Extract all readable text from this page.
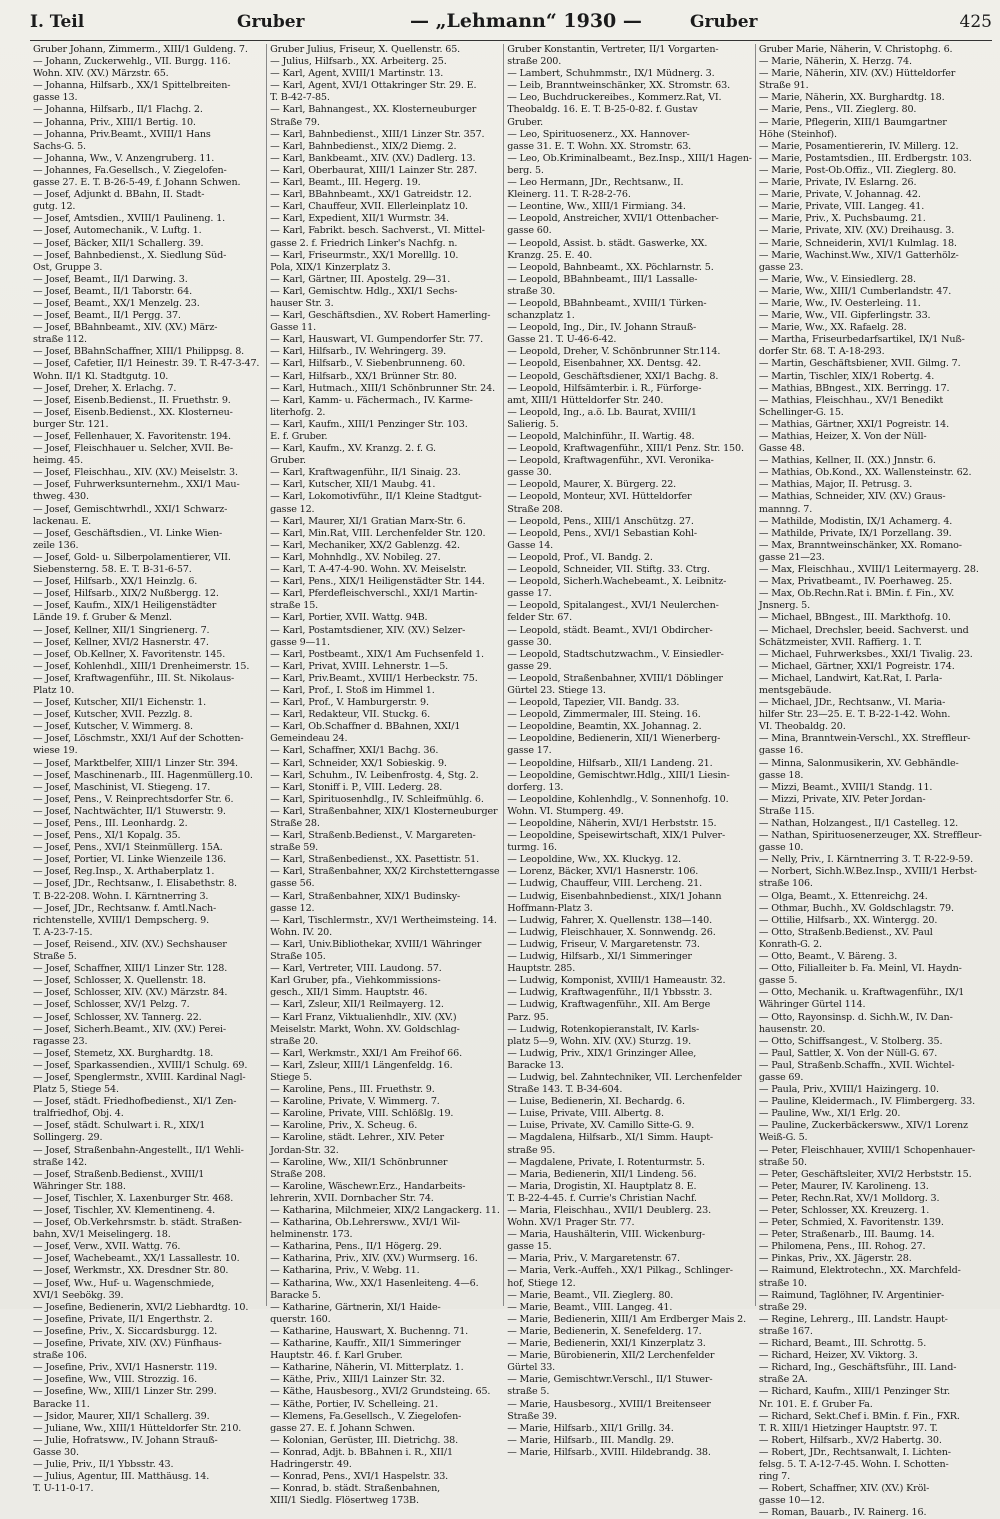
I. Teil	Gruber	— „Lehmann“ 1930 —	Gruber	425

Gruber Johann, Zimmerm., XIII/1 Guldeng. 7.

— Johann, Zuckerwehlg., VII. Burgg. 116.

Wohn. XIV. (XV.) Märzstr. 65.

— Johanna, Hilfsarb., XX/1 Spittelbreiten-

gasse 13.

— Johanna, Hilfsarb., II/1 Flachg. 2.

— Johanna, Priv., XIII/1 Bertig. 10.

— Johanna, Priv.Beamt., XVIII/1 Hans

Sachs-G. 5.

— Johanna, Ww., V. Anzengruberg. 11.

— Johannes, Fa.Gesellsch., V. Ziegelofen-

gasse 27. E. T. B-26-5-49, f. Johann Schwen.

— Josef, Adjunkt d. BBahn, II. Stadt-

gutg. 12.

— Josef, Amtsdien., XVIII/1 Paulineng. 1.

— Josef, Automechanik., V. Luftg. 1.

— Josef, Bäcker, XII/1 Schallerg. 39.

— Josef, Bahnbedienst., X. Siedlung Süd-

Ost, Gruppe 3.

— Josef, Beamt., II/1 Darwing. 3.

— Josef, Beamt., II/1 Taborstr. 64.

— Josef, Beamt., XX/1 Menzelg. 23.

— Josef, Beamt., II/1 Pergg. 37.

— Josef, BBahnbeamt., XIV. (XV.) März-

straße 112.

— Josef, BBahnSchaffner, XIII/1 Philippsg. 8.

— Josef, Cafetier, II/1 Heinestr. 39. T. R-47-3-47.

Wohn. II/1 Kl. Stadtgutg. 10.

— Josef, Dreher, X. Erlachg. 7.

— Josef, Eisenb.Bedienst., II. Fruethstr. 9.

— Josef, Eisenb.Bedienst., XX. Klosterneu-

burger Str. 121.

— Josef, Fellenhauer, X. Favoritenstr. 194.

— Josef, Fleischhauer u. Selcher, XVII. Be-

heimg. 45.

— Josef, Fleischhau., XIV. (XV.) Meiselstr. 3.

— Josef, Fuhrwerksunternehm., XXI/1 Mau-

thweg. 430.

— Josef, Gemischtwrhdl., XXI/1 Schwarz-

lackenau. E.

— Josef, Geschäftsdien., VI. Linke Wien-

zeile 136.

— Josef, Gold- u. Silberpolamentierer, VII.

Siebensterng. 58. E. T. B-31-6-57.

— Josef, Hilfsarb., XX/1 Heinzlg. 6.

— Josef, Hilfsarb., XIX/2 Nußbergg. 12.

— Josef, Kaufm., XIX/1 Heiligenstädter

Lände 19. f. Gruber & Menzl.

— Josef, Kellner, XII/1 Singrienerg. 7.

— Josef, Kellner, XVI/2 Hasnerstr. 47.

— Josef, Ob.Kellner, X. Favoritenstr. 145.

— Josef, Kohlenhdl., XIII/1 Drenheimerstr. 15.

— Josef, Kraftwagenführ., III. St. Nikolaus-

Platz 10.

— Josef, Kutscher, XII/1 Eichenstr. 1.

— Josef, Kutscher, XVII. Pezzlg. 8.

— Josef, Kutscher, V. Wimmerg. 8.

— Josef, Löschmstr., XXI/1 Auf der Schotten-

wiese 19.

— Josef, Marktbelfer, XIII/1 Linzer Str. 394.

— Josef, Maschinenarb., III. Hagenmüllerg.10.

— Josef, Maschinist, VI. Stiegeng. 17.

— Josef, Pens., V. Reinprechtsdorfer Str. 6.

— Josef, Nachtwächter, II/1 Stuwerstr. 9.

— Josef, Pens., III. Leonhardg. 2.

— Josef, Pens., XI/1 Kopalg. 35.

— Josef, Pens., XVI/1 Steinmüllerg. 15A.

— Josef, Portier, VI. Linke Wienzeile 136.

— Josef, Reg.Insp., X. Arthaberplatz 1.

— Josef, JDr., Rechtsanw., I. Elisabethstr. 8.

T. B-22-208. Wohn. I. Kärntnerring 3.

— Josef, JDr., Rechtsanw. f. Amtl.Nach-

richtenstelle, XVIII/1 Dempscherg. 9.

T. A-23-7-15.

— Josef, Reisend., XIV. (XV.) Sechshauser

Straße 5.

— Josef, Schaffner, XIII/1 Linzer Str. 128.

— Josef, Schlosser, X. Quellenstr. 18.

— Josef, Schlosser, XIV. (XV.) Märzstr. 84.

— Josef, Schlosser, XV/1 Pelzg. 7.

— Josef, Schlosser, XV. Tannerg. 22.

— Josef, Sicherh.Beamt., XIV. (XV.) Perei-

ragasse 23.

— Josef, Stemetz, XX. Burghardtg. 18.

— Josef, Sparkassendien., XVIII/1 Schulg. 69.

— Josef, Spenglermstr., XVIII. Kardinal Nagl-

Platz 5, Stiege 54.

— Josef, städt. Friedhofbedienst., XI/1 Zen-

tralfriedhof, Obj. 4.

— Josef, städt. Schulwart i. R., XIX/1

Sollingerg. 29.

— Josef, Straßenbahn-Angestellt., II/1 Wehli-

straße 142.

— Josef, Straßenb.Bedienst., XVIII/1

Währinger Str. 188.

— Josef, Tischler, X. Laxenburger Str. 468.

— Josef, Tischler, XV. Klementineng. 4.

— Josef, Ob.Verkehrsmstr. b. städt. Straßen-

bahn, XV/1 Meiselingerg. 18.

— Josef, Verw., XVII. Wattg. 76.

— Josef, Wachebeamt., XX/1 Lassallestr. 10.

— Josef, Werkmstr., XX. Dresdner Str. 80.

— Josef, Ww., Huf- u. Wagenschmiede,

XVI/1 Seebökg. 39.

— Josefine, Bedienerin, XVI/2 Liebhardtg. 10.

— Josefine, Private, II/1 Engerthstr. 2.

— Josefine, Priv., X. Siccardsburgg. 12.

— Josefine, Private, XIV. (XV.) Fünfhaus-

straße 106.

— Josefine, Priv., XVI/1 Hasnerstr. 119.

— Josefine, Ww., VIII. Strozzig. 16.

— Josefine, Ww., XIII/1 Linzer Str. 299.

Baracke 11.

— Jsidor, Maurer, XII/1 Schallerg. 39.

— Juliane, Ww., XIII/1 Hütteldorfer Str. 210.

— Julie, Hofratsww., IV. Johann Strauß-

Gasse 30.

— Julie, Priv., II/1 Ybbsstr. 43.

— Julius, Agentur, III. Matthäusg. 14.

T. U-11-0-17.

Gruber Julius, Friseur, X. Quellenstr. 65.

— Julius, Hilfsarb., XX. Arbeiterg. 25.

— Karl, Agent, XVIII/1 Martinstr. 13.

— Karl, Agent, XVI/1 Ottakringer Str. 29. E.

T. B-42-7-85.

— Karl, Bahnangest., XX. Klosterneuburger

Straße 79.

— Karl, Bahnbedienst., XIII/1 Linzer Str. 357.

— Karl, Bahnbedienst., XIX/2 Diemg. 2.

— Karl, Bankbeamt., XIV. (XV.) Dadlerg. 13.

— Karl, Oberbaurat, XIII/1 Lainzer Str. 287.

— Karl, Beamt., III. Hegerg. 19.

— Karl, BBahnbeamt., XX/1 Gatreidstr. 12.

— Karl, Chauffeur, XVII. Ellerleinplatz 10.

— Karl, Expedient, XII/1 Wurmstr. 34.

— Karl, Fabrikt. besch. Sachverst., VI. Mittel-

gasse 2. f. Friedrich Linker's Nachfg. n.

— Karl, Friseurmstr., XX/1 Morelllg. 10.

Pola, XIX/1 Kinzerplatz 3.

— Karl, Gärtner, III. Apostelg. 29—31.

— Karl, Gemischtw. Hdlg., XXI/1 Sechs-

hauser Str. 3.

— Karl, Geschäftsdien., XV. Robert Hamerling-

Gasse 11.

— Karl, Hauswart, VI. Gumpendorfer Str. 77.

— Karl, Hilfsarb., IV. Wehringerg. 39.

— Karl, Hilfsarb., V. Siebenbrunneng. 60.

— Karl, Hilfsarb., XX/1 Brünner Str. 80.

— Karl, Hutmach., XIII/1 Schönbrunner Str. 24.

— Karl, Kamm- u. Fächermach., IV. Karme-

literhofg. 2.

— Karl, Kaufm., XIII/1 Penzinger Str. 103.

E. f. Gruber.

— Karl, Kaufm., XV. Kranzg. 2. f. G.

Gruber.

— Karl, Kraftwagenführ., II/1 Sinaig. 23.

— Karl, Kutscher, XII/1 Maubg. 41.

— Karl, Lokomotivführ., II/1 Kleine Stadtgut-

gasse 12.

— Karl, Maurer, XI/1 Gratian Marx-Str. 6.

— Karl, Min.Rat, VIII. Lerchenfelder Str. 120.

— Karl, Mechaniker, XX/2 Gablenzg. 42.

— Karl, Mohnhdlg., XV. Nobileg. 27.

— Karl, T. A-47-4-90. Wohn. XV. Meiselstr.

— Karl, Pens., XIX/1 Heiligenstädter Str. 144.

— Karl, Pferdefleischverschl., XXI/1 Martin-

straße 15.

— Karl, Portier, XVII. Wattg. 94B.

— Karl, Postamtsdiener, XIV. (XV.) Selzer-

gasse 9—11.

— Karl, Postbeamt., XIX/1 Am Fuchsenfeld 1.

— Karl, Privat, XVIII. Lehnerstr. 1—5.

— Karl, Priv.Beamt., XVIII/1 Herbeckstr. 75.

— Karl, Prof., I. Stoß im Himmel 1.

— Karl, Prof., V. Hamburgerstr. 9.

— Karl, Redakteur, VII. Stuckg. 6.

— Karl, Ob.Schaffner d. BBahnen, XXI/1

Gemeindeau 24.

— Karl, Schaffner, XXI/1 Bachg. 36.

— Karl, Schneider, XX/1 Sobieskig. 9.

— Karl, Schuhm., IV. Leibenfrostg. 4, Stg. 2.

— Karl, Stoniff i. P., VIII. Lederg. 28.

— Karl, Spirituosenhdlg., IV. Schleifmühlg. 6.

— Karl, Straßenbahner, XIX/1 Klosterneuburger

Straße 28.

— Karl, Straßenb.Bedienst., V. Margareten-

straße 59.

— Karl, Straßenbedienst., XX. Pasettistr. 51.

— Karl, Straßenbahner, XX/2 Kirchstetterngasse

gasse 56.

— Karl, Straßenbahner, XIX/1 Budinsky-

gasse 12.

— Karl, Tischlermstr., XV/1 Wertheimsteing. 14.

Wohn. IV. 20.

— Karl, Univ.Bibliothekar, XVIII/1 Währinger

Straße 105.

— Karl, Vertreter, VIII. Laudong. 57.

Karl Gruber, pfa., Viehkommissions-

gesch., XII/1 Simm. Hauptstr. 46.

— Karl, Zsleur, XII/1 Reilmayerg. 12.

— Karl Franz, Viktualienhdlr., XIV. (XV.)

Meiselstr. Markt, Wohn. XV. Goldschlag-

straße 20.

— Karl, Werkmstr., XXI/1 Am Freihof 66.

— Karl, Zsleur, XIII/1 Längenfeldg. 16.

Stiege 5.

— Karoline, Pens., III. Fruethstr. 9.

— Karoline, Private, V. Wimmerg. 7.

— Karoline, Private, VIII. Schlößlg. 19.

— Karoline, Priv., X. Scheug. 6.

— Karoline, städt. Lehrer., XIV. Peter

Jordan-Str. 32.

— Karoline, Ww., XII/1 Schönbrunner

Straße 208.

— Karoline, Wäschewr.Erz., Handarbeits-

lehrerin, XVII. Dornbacher Str. 74.

— Katharina, Milchmeier, XIX/2 Langackerg. 11.

— Katharina, Ob.Lehrersww., XVI/1 Wil-

helminenstr. 173.

— Katharina, Pens., II/1 Högerg. 29.

— Katharina, Priv., XIV. (XV.) Wurmserg. 16.

— Katharina, Priv., V. Webg. 11.

— Katharina, Ww., XX/1 Hasenleiteng. 4—6.

Baracke 5.

— Katharine, Gärtnerin, XI/1 Haide-

querstr. 160.

— Katharine, Hauswart, X. Buchenng. 71.

— Katharine, Kauffr., XII/1 Simmeringer

Hauptstr. 46. f. Karl Gruber.

— Katharine, Näherin, VI. Mitterplatz. 1.

— Käthe, Priv., XIII/1 Lainzer Str. 32.

— Käthe, Hausbesorg., XVI/2 Grundsteing. 65.

— Käthe, Portier, IV. Schelleing. 21.

— Klemens, Fa.Gesellsch., V. Ziegelofen-

gasse 27. E. f. Johann Schwen.

— Kolonian, Gerüster, III. Dietrichg. 38.

— Konrad, Adjt. b. BBahnen i. R., XII/1

Hadringerstr. 49.

— Konrad, Pens., XVI/1 Haspelstr. 33.

— Konrad, b. städt. Straßenbahnen,

XIII/1 Siedlg. Flösertweg 173B.

Gruber Konstantin, Vertreter, II/1 Vorgarten-

straße 200.

— Lambert, Schuhmmstr., IX/1 Müdnerg. 3.

— Leib, Branntweinschänker, XX. Stromstr. 63.

— Leo, Buchdruckereibes., Kommerz.Rat, VI.

Theobaldg. 16. E. T. B-25-0-82. f. Gustav

Gruber.

— Leo, Spirituosenerz., XX. Hannover-

gasse 31. E. T. Wohn. XX. Stromstr. 63.

— Leo, Ob.Kriminalbeamt., Bez.Insp., XIII/1 Hagen-

berg. 5.

— Leo Hermann, JDr., Rechtsanw., II.

Kleinerg. 11. T. R-28-2-76.

— Leontine, Ww., XIII/1 Firmiang. 34.

— Leopold, Anstreicher, XVII/1 Ottenbacher-

gasse 60.

— Leopold, Assist. b. städt. Gaswerke, XX.

Kranzg. 25. E. 40.

— Leopold, Bahnbeamt., XX. Pöchlarnstr. 5.

— Leopold, BBahnbeamt., III/1 Lassalle-

straße 30.

— Leopold, BBahnbeamt., XVIII/1 Türken-

schanzplatz 1.

— Leopold, Ing., Dir., IV. Johann Strauß-

Gasse 21. T. U-46-6-42.

— Leopold, Dreher, V. Schönbrunner Str.114.

— Leopold, Eisenbahner, XX. Dentsg. 42.

— Leopold, Geschäftsdiener, XXI/1 Bachg. 8.

— Leopold, Hilfsämterbir. i. R., Fürforge-

amt, XIII/1 Hütteldorfer Str. 240.

— Leopold, Ing., a.ö. Lb. Baurat, XVIII/1

Salierig. 5.

— Leopold, Malchinführ., II. Wartig. 48.

— Leopold, Kraftwagenführ., XIII/1 Penz. Str. 150.

— Leopold, Kraftwagenführ., XVI. Veronika-

gasse 30.

— Leopold, Maurer, X. Bürgerg. 22.

— Leopold, Monteur, XVI. Hütteldorfer

Straße 208.

— Leopold, Pens., XIII/1 Anschützg. 27.

— Leopold, Pens., XVI/1 Sebastian Kohl-

Gasse 14.

— Leopold, Prof., VI. Bandg. 2.

— Leopold, Schneider, VII. Stiftg. 33. Ctrg.

— Leopold, Sicherh.Wachebeamt., X. Leibnitz-

gasse 17.

— Leopold, Spitalangest., XVI/1 Neulerchen-

felder Str. 67.

— Leopold, städt. Beamt., XVI/1 Obdircher-

gasse 30.

— Leopold, Stadtschutzwachm., V. Einsiedler-

gasse 29.

— Leopold, Straßenbahner, XVIII/1 Döblinger

Gürtel 23. Stiege 13.

— Leopold, Tapezier, VII. Bandg. 33.

— Leopold, Zimmermaler, III. Steing. 16.

— Leopoldine, Beamtin, XX. Johannag. 2.

— Leopoldine, Bedienerin, XII/1 Wienerberg-

gasse 17.

— Leopoldine, Hilfsarb., XII/1 Landeng. 21.

— Leopoldine, Gemischtwr.Hdlg., XIII/1 Liesin-

dorferg. 13.

— Leopoldine, Kohlenhdlg., V. Sonnenhofg. 10.

Wohn. VI. Stumperg. 49.

— Leopoldine, Näherin, XVI/1 Herbststr. 15.

— Leopoldine, Speisewirtschaft, XIX/1 Pulver-

turmg. 16.

— Leopoldine, Ww., XX. Kluckyg. 12.

— Lorenz, Bäcker, XVI/1 Hasnerstr. 106.

— Ludwig, Chauffeur, VIII. Lercheng. 21.

— Ludwig, Eisenbahnbedienst., XIX/1 Johann

Hoffmann-Platz 3.

— Ludwig, Fahrer, X. Quellenstr. 138—140.

— Ludwig, Fleischhauer, X. Sonnwendg. 26.

— Ludwig, Friseur, V. Margaretenstr. 73.

— Ludwig, Hilfsarb., XI/1 Simmeringer

Hauptstr. 285.

— Ludwig, Komponist, XVIII/1 Hameaustr. 32.

— Ludwig, Kraftwagenführ., II/1 Ybbsstr. 3.

— Ludwig, Kraftwagenführ., XII. Am Berge

Parz. 95.

— Ludwig, Rotenkopieranstalt, IV. Karls-

platz 5—9, Wohn. XIV. (XV.) Sturzg. 19.

— Ludwig, Priv., XIX/1 Grinzinger Allee,

Baracke 13.

— Ludwig, bel. Zahntechniker, VII. Lerchenfelder

Straße 143. T. B-34-604.

— Luise, Bedienerin, XI. Bechardg. 6.

— Luise, Private, VIII. Albertg. 8.

— Luise, Private, XV. Camillo Sitte-G. 9.

— Magdalena, Hilfsarb., XI/1 Simm. Haupt-

straße 95.

— Magdalene, Private, I. Rotenturmstr. 5.

— Maria, Bedienerin, XII/1 Lindeng. 56.

— Maria, Drogistin, XI. Hauptplatz 8. E.

T. B-22-4-45. f. Currie's Christian Nachf.

— Maria, Fleischhau., XVII/1 Deublerg. 23.

Wohn. XV/1 Prager Str. 77.

— Maria, Haushälterin, VIII. Wickenburg-

gasse 15.

— Maria, Priv., V. Margaretenstr. 67.

— Maria, Verk.-Auffeh., XX/1 Pilkag., Schlinger-

hof, Stiege 12.

— Marie, Beamt., VII. Zieglerg. 80.

— Marie, Beamt., VIII. Langeg. 41.

— Marie, Bedienerin, XIII/1 Am Erdberger Mais 2.

— Marie, Bedienerin, X. Senefelderg. 17.

— Marie, Bedienerin, XXI/1 Kinzerplatz 3.

— Marie, Bürobienerin, XII/2 Lerchenfelder

Gürtel 33.

— Marie, Gemischtwr.Verschl., II/1 Stuwer-

straße 5.

— Marie, Hausbesorg., XVIII/1 Breitenseer

Straße 39.

— Marie, Hilfsarb., XII/1 Grillg. 34.

— Marie, Hilfsarb., III. Mandlg. 29.

— Marie, Hilfsarb., XVIII. Hildebrandg. 38.

Gruber Marie, Näherin, V. Christophg. 6.

— Marie, Näherin, X. Herzg. 74.

— Marie, Näherin, XIV. (XV.) Hütteldorfer

Straße 91.

— Marie, Näherin, XX. Burghardtg. 18.

— Marie, Pens., VII. Zieglerg. 80.

— Marie, Pflegerin, XIII/1 Baumgartner

Höhe (Steinhof).

— Marie, Posamentiererin, IV. Millerg. 12.

— Marie, Postamtsdien., III. Erdbergstr. 103.

— Marie, Post-Ob.Offiz., VII. Zieglerg. 80.

— Marie, Private, IV. Eslarng. 26.

— Marie, Private, V. Johannag. 42.

— Marie, Private, VIII. Langeg. 41.

— Marie, Priv., X. Puchsbaumg. 21.

— Marie, Private, XIV. (XV.) Dreihausg. 3.

— Marie, Schneiderin, XVI/1 Kulmlag. 18.

— Marie, Wachinst.Ww., XIV/1 Gatterhölz-

gasse 23.

— Marie, Ww., V. Einsiedlerg. 28.

— Marie, Ww., XIII/1 Cumberlandstr. 47.

— Marie, Ww., IV. Oesterleing. 11.

— Marie, Ww., VII. Gipferlingstr. 33.

— Marie, Ww., XX. Rafaelg. 28.

— Martha, Friseurbedarfsartikel, IX/1 Nuß-

dorfer Str. 68. T. A-18-293.

— Martin, Geschäftsbiener, XVII. Gilmg. 7.

— Martin, Tischler, XIX/1 Robertg. 4.

— Mathias, BBngest., XIX. Berringg. 17.

— Mathias, Fleischhau., XV/1 Benedikt

Schellinger-G. 15.

— Mathias, Gärtner, XXI/1 Pogreistr. 14.

— Mathias, Heizer, X. Von der Nüll-

Gasse 48.

— Mathias, Kellner, II. (XX.) Jnnstr. 6.

— Mathias, Ob.Kond., XX. Wallensteinstr. 62.

— Mathias, Major, II. Petrusg. 3.

— Mathias, Schneider, XIV. (XV.) Graus-

mannng. 7.

— Mathilde, Modistin, IX/1 Achamerg. 4.

— Mathilde, Private, IX/1 Porzellang. 39.

— Max, Branntweinschänker, XX. Romano-

gasse 21—23.

— Max, Fleischhau., XVIII/1 Leitermayerg. 28.

— Max, Privatbeamt., IV. Poerhaweg. 25.

— Max, Ob.Rechn.Rat i. BMin. f. Fin., XV.

Jnsnerg. 5.

— Michael, BBngest., III. Markthofg. 10.

— Michael, Drechsler, beeid. Sachverst. und

Schätzmeister, XVII. Raffierg. 1. T.

— Michael, Fuhrwerksbes., XXI/1 Tivalig. 23.

— Michael, Gärtner, XXI/1 Pogreistr. 174.

— Michael, Landwirt, Kat.Rat, I. Parla-

mentsgebäude.

— Michael, JDr., Rechtsanw., VI. Maria-

hilfer Str. 23—25. E. T. B-22-1-42. Wohn.

VI. Theobaldg. 20.

— Mina, Branntwein-Verschl., XX. Streffleur-

gasse 16.

— Minna, Salonmusikerin, XV. Gebhändle-

gasse 18.

— Mizzi, Beamt., XVIII/1 Standg. 11.

— Mizzi, Private, XIV. Peter Jordan-

Straße 115.

— Nathan, Holzangest., II/1 Castelleg. 12.

— Nathan, Spirituosenerzeuger, XX. Streffleur-

gasse 10.

— Nelly, Priv., I. Kärntnerring 3. T. R-22-9-59.

— Norbert, Sichh.W.Bez.Insp., XVIII/1 Herbst-

straße 106.

— Olga, Beamt., X. Ettenreichg. 24.

— Othmar, Buchh., XV. Goldschlagstr. 79.

— Ottilie, Hilfsarb., XX. Wintergg. 20.

— Otto, Straßenb.Bedienst., XV. Paul

Konrath-G. 2.

— Otto, Beamt., V. Bäreng. 3.

— Otto, Filialleiter b. Fa. Meinl, VI. Haydn-

gasse 5.

— Otto, Mechanik. u. Kraftwagenführ., IX/1

Währinger Gürtel 114.

— Otto, Rayonsinsp. d. Sichh.W., IV. Dan-

hausenstr. 20.

— Otto, Schiffsangest., V. Stolberg. 35.

— Paul, Sattler, X. Von der Nüll-G. 67.

— Paul, Straßenb.Schaffn., XVII. Wichtel-

gasse 69.

— Paula, Priv., XVIII/1 Haizingerg. 10.

— Pauline, Kleidermach., IV. Flimbergerg. 33.

— Pauline, Ww., XI/1 Erlg. 20.

— Pauline, Zuckerbäckersww., XIV/1 Lorenz

Weiß-G. 5.

— Peter, Fleischhauer, XVIII/1 Schopenhauer-

straße 50.

— Peter, Geschäftsleiter, XVI/2 Herbststr. 15.

— Peter, Maurer, IV. Karolineng. 13.

— Peter, Rechn.Rat, XV/1 Molldorg. 3.

— Peter, Schlosser, XX. Kreuzerg. 1.

— Peter, Schmied, X. Favoritenstr. 139.

— Peter, Straßenarb., III. Baumg. 14.

— Philomena, Pens., III. Rohog. 27.

— Pinkas, Priv., XX. Jägerstr. 28.

— Raimund, Elektrotechn., XX. Marchfeld-

straße 10.

— Raimund, Taglöhner, IV. Argentinier-

straße 29.

— Regine, Lehrerg., III. Landstr. Haupt-

straße 167.

— Richard, Beamt., III. Schrottg. 5.

— Richard, Heizer, XV. Viktorg. 3.

— Richard, Ing., Geschäftsführ., III. Land-

straße 2A.

— Richard, Kaufm., XIII/1 Penzinger Str.

Nr. 101. E. f. Gruber Fa.

— Richard, Sekt.Chef i. BMin. f. Fin., FXR.

T. R. XIII/1 Hietzinger Hauptstr. 97. T.

— Robert, Hilfsarb., XV/2 Habertg. 30.

— Robert, JDr., Rechtsanwalt, I. Lichten-

felsg. 5. T. A-12-7-45. Wohn. I. Schotten-

ring 7.

— Robert, Schaffner, XIV. (XV.) Kröl-

gasse 10—12.

— Roman, Bauarb., IV. Rainerg. 16.
